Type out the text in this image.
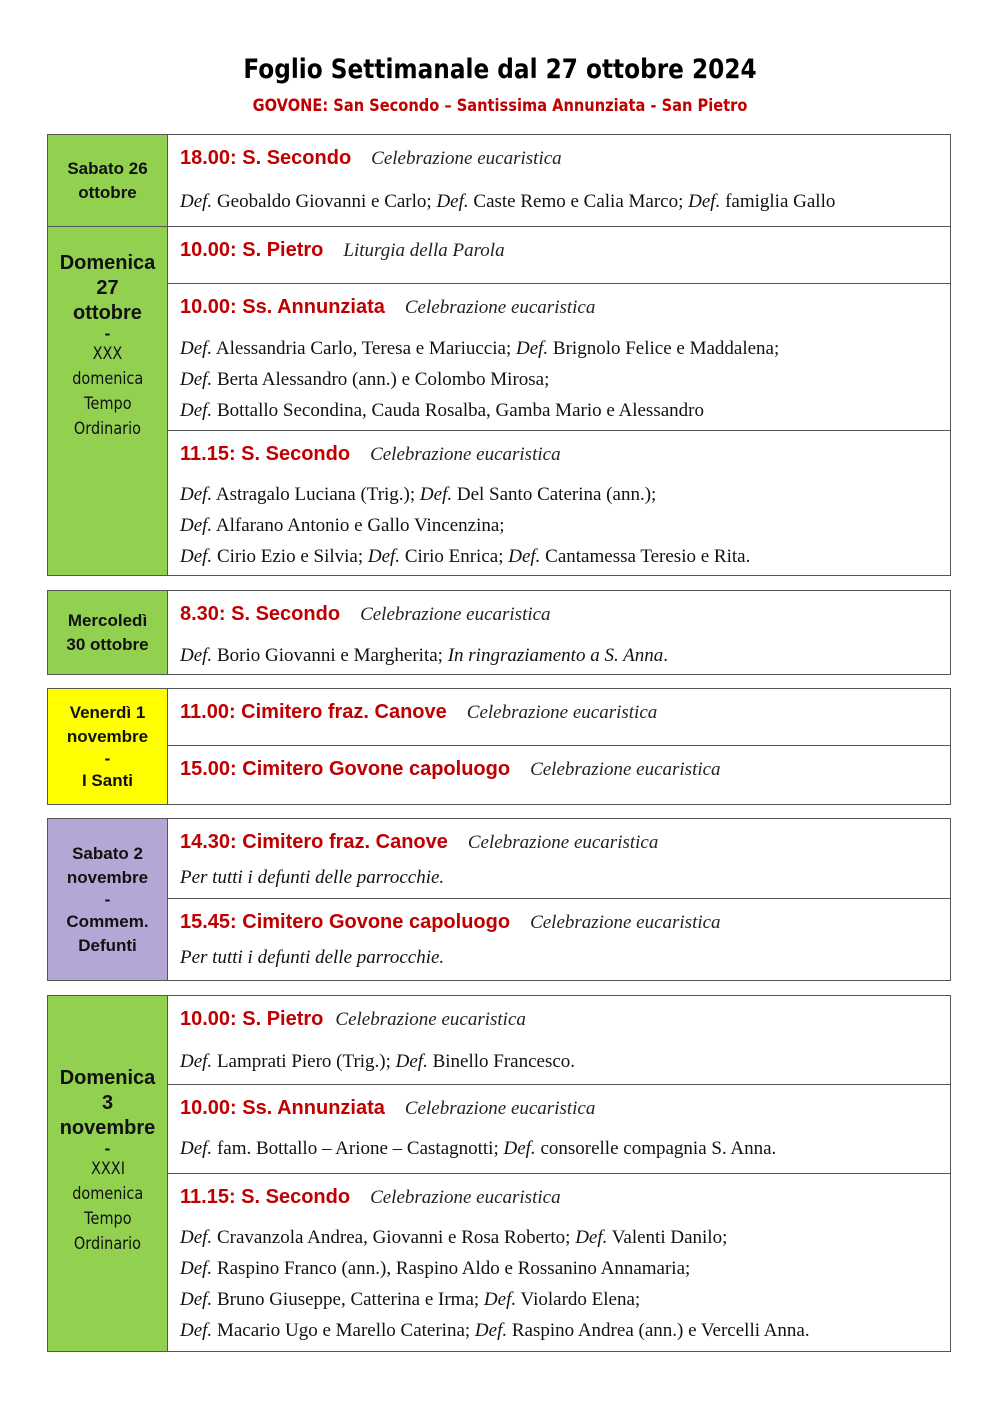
Foglio Settimanale dal 27 ottobre 2024
GOVONE: San Secondo – Santissima Annunziata - San Pietro
Sabato 26
ottobre
18.00: S. Secondo Celebrazione eucaristica
Def. Geobaldo Giovanni e Carlo; Def. Caste Remo e Calia Marco; Def. famiglia Gallo
Domenica
27
ottobre
-
XXX
domenica
Tempo
Ordinario
10.00: S. Pietro Liturgia della Parola
10.00: Ss. Annunziata Celebrazione eucaristica
Def. Alessandria Carlo, Teresa e Mariuccia; Def. Brignolo Felice e Maddalena;
Def. Berta Alessandro (ann.) e Colombo Mirosa;
Def. Bottallo Secondina, Cauda Rosalba, Gamba Mario e Alessandro
11.15: S. Secondo Celebrazione eucaristica
Def. Astragalo Luciana (Trig.); Def. Del Santo Caterina (ann.);
Def. Alfarano Antonio e Gallo Vincenzina;
Def. Cirio Ezio e Silvia; Def. Cirio Enrica; Def. Cantamessa Teresio e Rita.
Mercoledì
30 ottobre
8.30: S. Secondo Celebrazione eucaristica
Def. Borio Giovanni e Margherita; In ringraziamento a S. Anna.
Venerdì 1
novembre
-
I Santi
11.00: Cimitero fraz. Canove Celebrazione eucaristica
15.00: Cimitero Govone capoluogo Celebrazione eucaristica
Sabato 2
novembre
-
Commem.
Defunti
14.30: Cimitero fraz. Canove Celebrazione eucaristica
Per tutti i defunti delle parrocchie.
15.45: Cimitero Govone capoluogo Celebrazione eucaristica
Per tutti i defunti delle parrocchie.
Domenica
3
novembre
-
XXXI
domenica
Tempo
Ordinario
10.00: S. Pietro Celebrazione eucaristica
Def. Lamprati Piero (Trig.); Def. Binello Francesco.
10.00: Ss. Annunziata Celebrazione eucaristica
Def. fam. Bottallo – Arione – Castagnotti; Def. consorelle compagnia S. Anna.
11.15: S. Secondo Celebrazione eucaristica
Def. Cravanzola Andrea, Giovanni e Rosa Roberto; Def. Valenti Danilo;
Def. Raspino Franco (ann.), Raspino Aldo e Rossanino Annamaria;
Def. Bruno Giuseppe, Catterina e Irma; Def. Violardo Elena;
Def. Macario Ugo e Marello Caterina; Def. Raspino Andrea (ann.) e Vercelli Anna.
